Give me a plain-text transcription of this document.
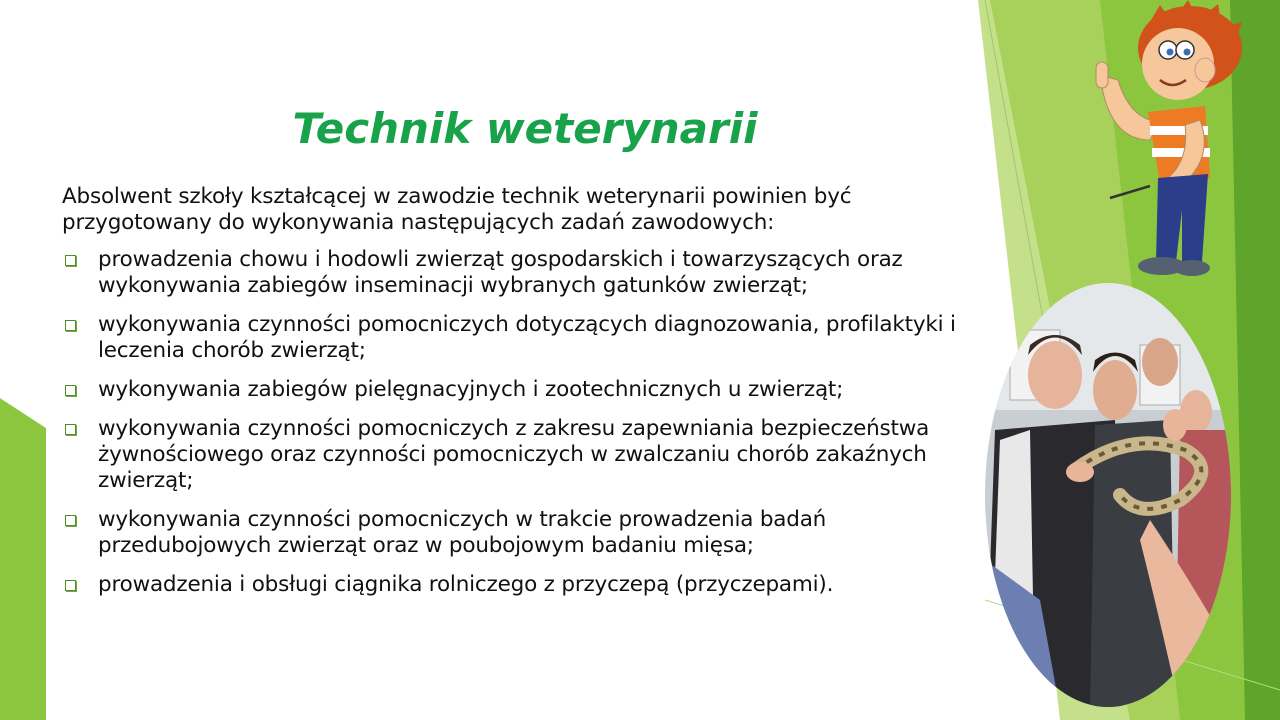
Technik weterynarii

Absolwent szkoły kształcącej w zawodzie technik weterynarii powinien być przygotowany do wykonywania następujących zadań zawodowych:

prowadzenia chowu i hodowli zwierząt gospodarskich i towarzyszących oraz wykonywania zabiegów inseminacji wybranych gatunków zwierząt;
wykonywania czynności pomocniczych dotyczących diagnozowania, profilaktyki i leczenia chorób zwierząt;
wykonywania zabiegów pielęgnacyjnych i zootechnicznych u zwierząt;
wykonywania czynności pomocniczych z zakresu zapewniania bezpieczeństwa żywnościowego oraz czynności pomocniczych w zwalczaniu chorób zakaźnych zwierząt;
wykonywania czynności pomocniczych w trakcie prowadzenia badań przedubojowych zwierząt oraz w poubojowym badaniu mięsa;
prowadzenia i obsługi ciągnika rolniczego z przyczepą (przyczepami).
